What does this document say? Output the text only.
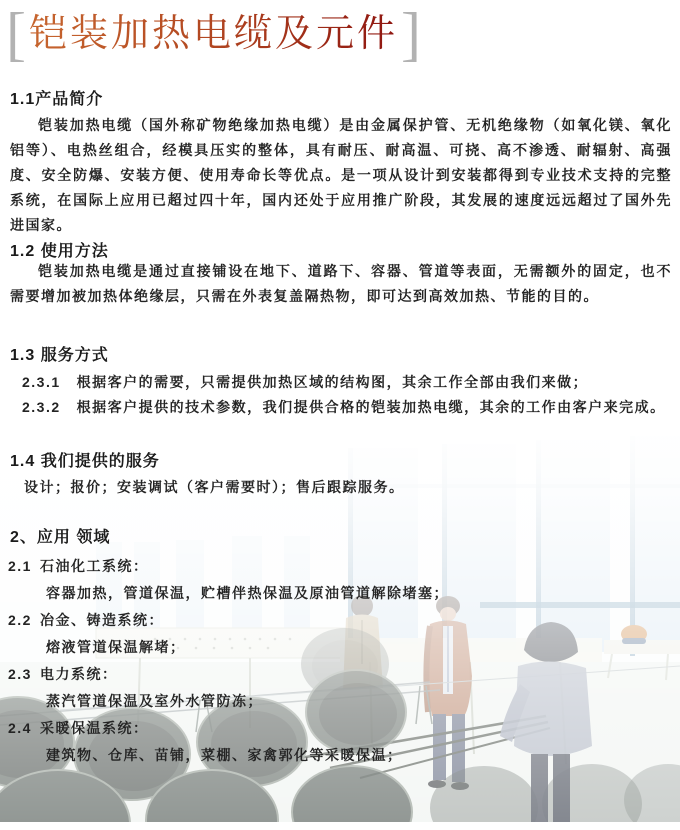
[ 铠装加热电缆及元件 ]
1.1产品简介
铠装加热电缆（国外称矿物绝缘加热电缆）是由金属保护管、无机绝缘物（如氧化镁、氧化铝等）、电热丝组合，经模具压实的整体，具有耐压、耐高温、可挠、高不渗透、耐辐射、高强度、安全防爆、安装方便、使用寿命长等优点。是一项从设计到安装都得到专业技术支持的完整系统，在国际上应用已超过四十年，国内还处于应用推广阶段，其发展的速度远远超过了国外先进国家。
1.2 使用方法
铠装加热电缆是通过直接铺设在地下、道路下、容器、管道等表面，无需额外的固定，也不需要增加被加热体绝缘层，只需在外表复盖隔热物，即可达到高效加热、节能的目的。
1.3 服务方式
2.3.1 根据客户的需要，只需提供加热区域的结构图，其余工作全部由我们来做；
2.3.2 根据客户提供的技术参数，我们提供合格的铠装加热电缆，其余的工作由客户来完成。
1.4 我们提供的服务
设计；报价；安装调试（客户需要时）；售后跟踪服务。
2、应用 领域
2.1 石油化工系统：
容器加热，管道保温，贮槽伴热保温及原油管道解除堵塞；
2.2 冶金、铸造系统：
熔液管道保温解堵；
2.3 电力系统：
蒸汽管道保温及室外水管防冻；
2.4 采暖保温系统：
建筑物、仓库、苗铺，菜棚、家禽郭化等采暖保温；
